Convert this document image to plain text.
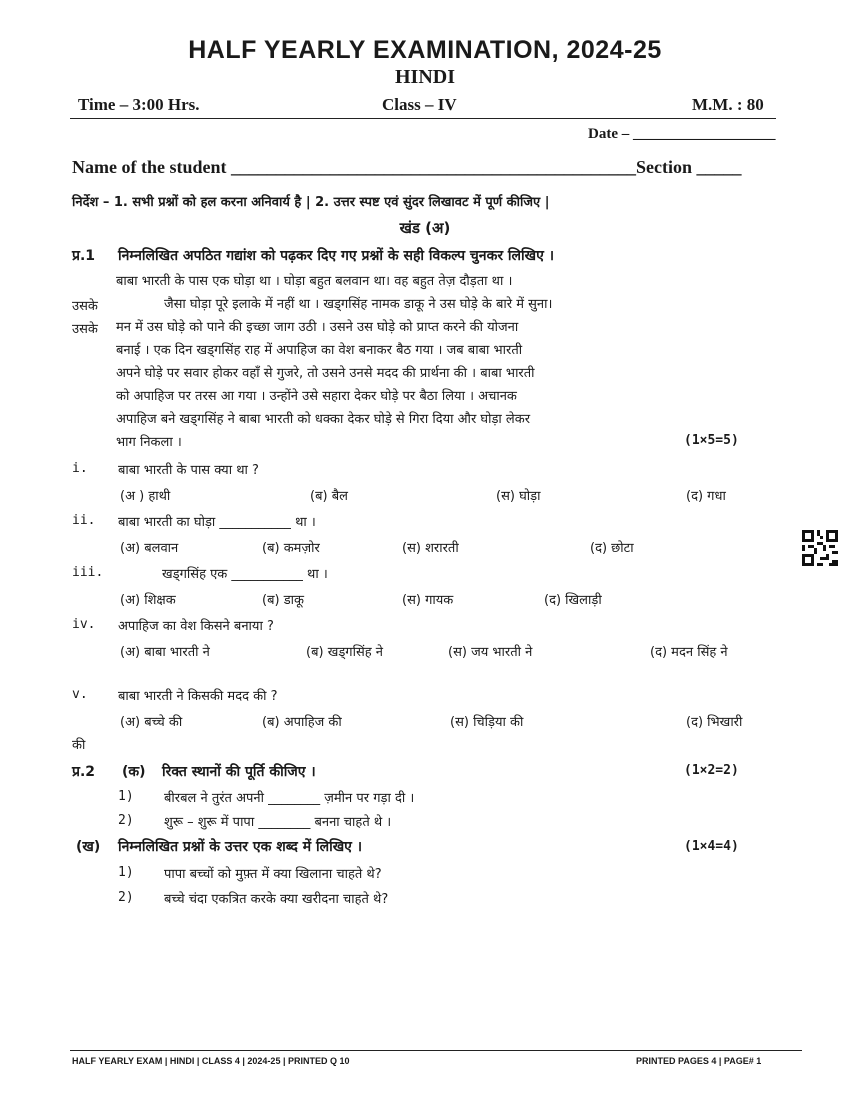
HALF YEARLY EXAMINATION, 2024-25
HINDI
Time – 3:00 Hrs.	Class – IV	M.M. : 80
Date – ___________________
Name of the student _____________________________________________Section _____
निर्देश – 1. सभी प्रश्नों को हल करना अनिवार्य है | 2. उत्तर स्पष्ट एवं सुंदर लिखावट में पूर्ण कीजिए |
खंड (अ)
प्र.1 निम्नलिखित अपठित गद्यांश को पढ़कर दिए गए प्रश्नों के सही विकल्प चुनकर लिखिए ।
उसके
उसके
बाबा भारती के पास एक घोड़ा था । घोड़ा बहुत बलवान था। वह बहुत तेज़ दौड़ता था ।
जैसा घोड़ा पूरे इलाके में नहीं था । खड्गसिंह नामक डाकू ने उस घोड़े के बारे में सुना।
मन में उस घोड़े को पाने की इच्छा जाग उठी । उसने उस घोड़े को प्राप्त करने की योजना
बनाई । एक दिन खड्गसिंह राह में अपाहिज का वेश बनाकर बैठ गया । जब बाबा भारती
अपने घोड़े पर सवार होकर वहाँ से गुजरे, तो उसने उनसे मदद की प्रार्थना की । बाबा भारती
को अपाहिज पर तरस आ गया । उन्होंने उसे सहारा देकर घोड़े पर बैठा लिया । अचानक
अपाहिज बने खड्गसिंह ने बाबा भारती को धक्का देकर घोड़े से गिरा दिया और घोड़ा लेकर
भाग निकला ।	(1×5=5)
i. बाबा भारती के पास क्या था ?
(अ ) हाथी	(ब) बैल	(स) घोड़ा	(द) गधा
ii. बाबा भारती का घोड़ा ___________ था ।
(अ) बलवान	(ब) कमज़ोर	(स) शरारती	(द) छोटा
iii.	खड्गसिंह एक ___________ था ।
(अ) शिक्षक	(ब) डाकू	(स) गायक	(द) खिलाड़ी
iv. अपाहिज का वेश किसने बनाया ?
(अ) बाबा भारती ने	(ब) खड्गसिंह ने	(स) जय भारती ने	(द) मदन सिंह ने
v. बाबा भारती ने किसकी मदद की ?
(अ) बच्चे की	(ब) अपाहिज की	(स) चिड़िया की	(द) भिखारी
की
प्र.2 (क) रिक्त स्थानों की पूर्ति कीजिए ।	(1×2=2)
1) बीरबल ने तुरंत अपनी ________ ज़मीन पर गड़ा दी ।
2) शुरू – शुरू में पापा ________ बनना चाहते थे ।
(ख) निम्नलिखित प्रश्नों के उत्तर एक शब्द में लिखिए ।	(1×4=4)
1) पापा बच्चों को मुफ़्त में क्या खिलाना चाहते थे?
2) बच्चे चंदा एकत्रित करके क्या खरीदना चाहते थे?
HALF YEARLY EXAM | HINDI | CLASS 4 | 2024-25 | PRINTED Q 10	PRINTED PAGES 4 | PAGE# 1
